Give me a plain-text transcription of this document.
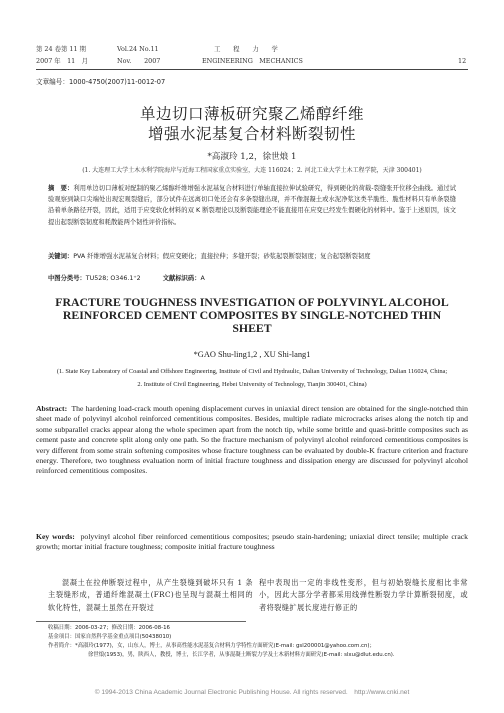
第 24 卷第 11 期	Vol.24 No.11	工　　程　　力　　学
2007 年　11　月	Nov.　　2007	ENGINEERING　MECHANICS	12
文章编号：1000-4750(2007)11-0012-07
单边切口薄板研究聚乙烯醇纤维
增强水泥基复合材料断裂韧性
*高淑玲 1,2，徐世烺 1
(1. 大连理工大学土木水利学院海岸与近海工程国家重点实验室，大连 116024；2. 河北工业大学土木工程学院，天津 300401)
摘　要：利用单边切口薄板对配制的聚乙烯醇纤维增强水泥基复合材料进行单轴直接拉伸试验研究，得到硬化的荷载-裂缝张开位移全曲线。通过试验观察到缺口尖端处出现宏观裂缝后，部分试件在远离切口处还会有多条裂缝出现，并不像混凝土或水泥净浆这类半脆性、脆性材料只有单条裂缝沿着单条路径开裂，因此，适用于应变软化材料的双 K 断裂理论以及断裂能理论不能直接用在应变已经发生假硬化的材料中。鉴于上述原因，该文提出起裂断裂韧度和耗散能两个韧性评价指标。
关键词：PVA 纤维增强水泥基复合材料；假应变硬化；直接拉伸；多缝开裂；砂浆起裂断裂韧度；复合起裂断裂韧度
中图分类号：TU528; O346.1⁺2	文献标识码：A
FRACTURE TOUGHNESS INVESTIGATION OF POLYVINYL ALCOHOL
REINFORCED CEMENT COMPOSITES BY SINGLE-NOTCHED THIN
SHEET
*GAO Shu-ling1,2 , XU Shi-lang1
(1. State Key Laboratory of Coastal and Offshore Engineering, Institute of Civil and Hydraulic, Dalian University of Technology, Dalian 116024, China;
2. Institute of Civil Engineering, Hebei University of Technology, Tianjin 300401, China)
Abstract: The hardening load-crack mouth opening displacement curves in uniaxial direct tension are obtained for the single-notched thin sheet made of polyvinyl alcohol reinforced cementitious composites. Besides, multiple radiate microcracks arises along the notch tip and some subparallel cracks appear along the whole specimen apart from the notch tip, while some brittle and quasi-brittle composites such as cement paste and concrete split along only one path. So the fracture mechanism of polyvinyl alcohol reinforced cementitious composites is very different from some strain softening composites whose fracture toughness can be evaluated by double-K fracture criterion and fracture energy. Therefore, two toughness evaluation norm of initial fracture toughness and dissipation energy are discussed for polyvinyl alcohol reinforced cementitious composites.
Key words: polyvinyl alcohol fiber reinforced cementitious composites; pseudo stain-hardening; uniaxial direct tensile; multiple crack growth; mortar initial fracture toughness; composite initial fracture toughness
混凝土在拉伸断裂过程中，从产生裂缝到破坏只有 1 条主裂缝形成，普通纤维混凝土(FRC)也呈现与混凝土相同的软化特性，混凝土虽然在开裂过
程中表现出一定的非线性变形，但与初始裂缝长度相比非常小，因此大部分学者都采用线弹性断裂力学计算断裂韧度，或者将裂缝扩展长度进行修正的
收稿日期：2006-03-27；修改日期：2006-08-16
基金项目：国家自然科学基金重点项目(50438010)
作者简介：*高淑玲(1977)，女，山东人，博士，从事高性能水泥基复合材料力学特性方面研究(E-mail: gsl200001@yahoo.com.cn)；
徐世烺(1953)，男，陕西人，教授，博士，长江学者，从事混凝土断裂力学及土木新材料方面研究(E-mail: slxu@dlut.edu.cn).
© 1994-2013 China Academic Journal Electronic Publishing House. All rights reserved.　http://www.cnki.net
